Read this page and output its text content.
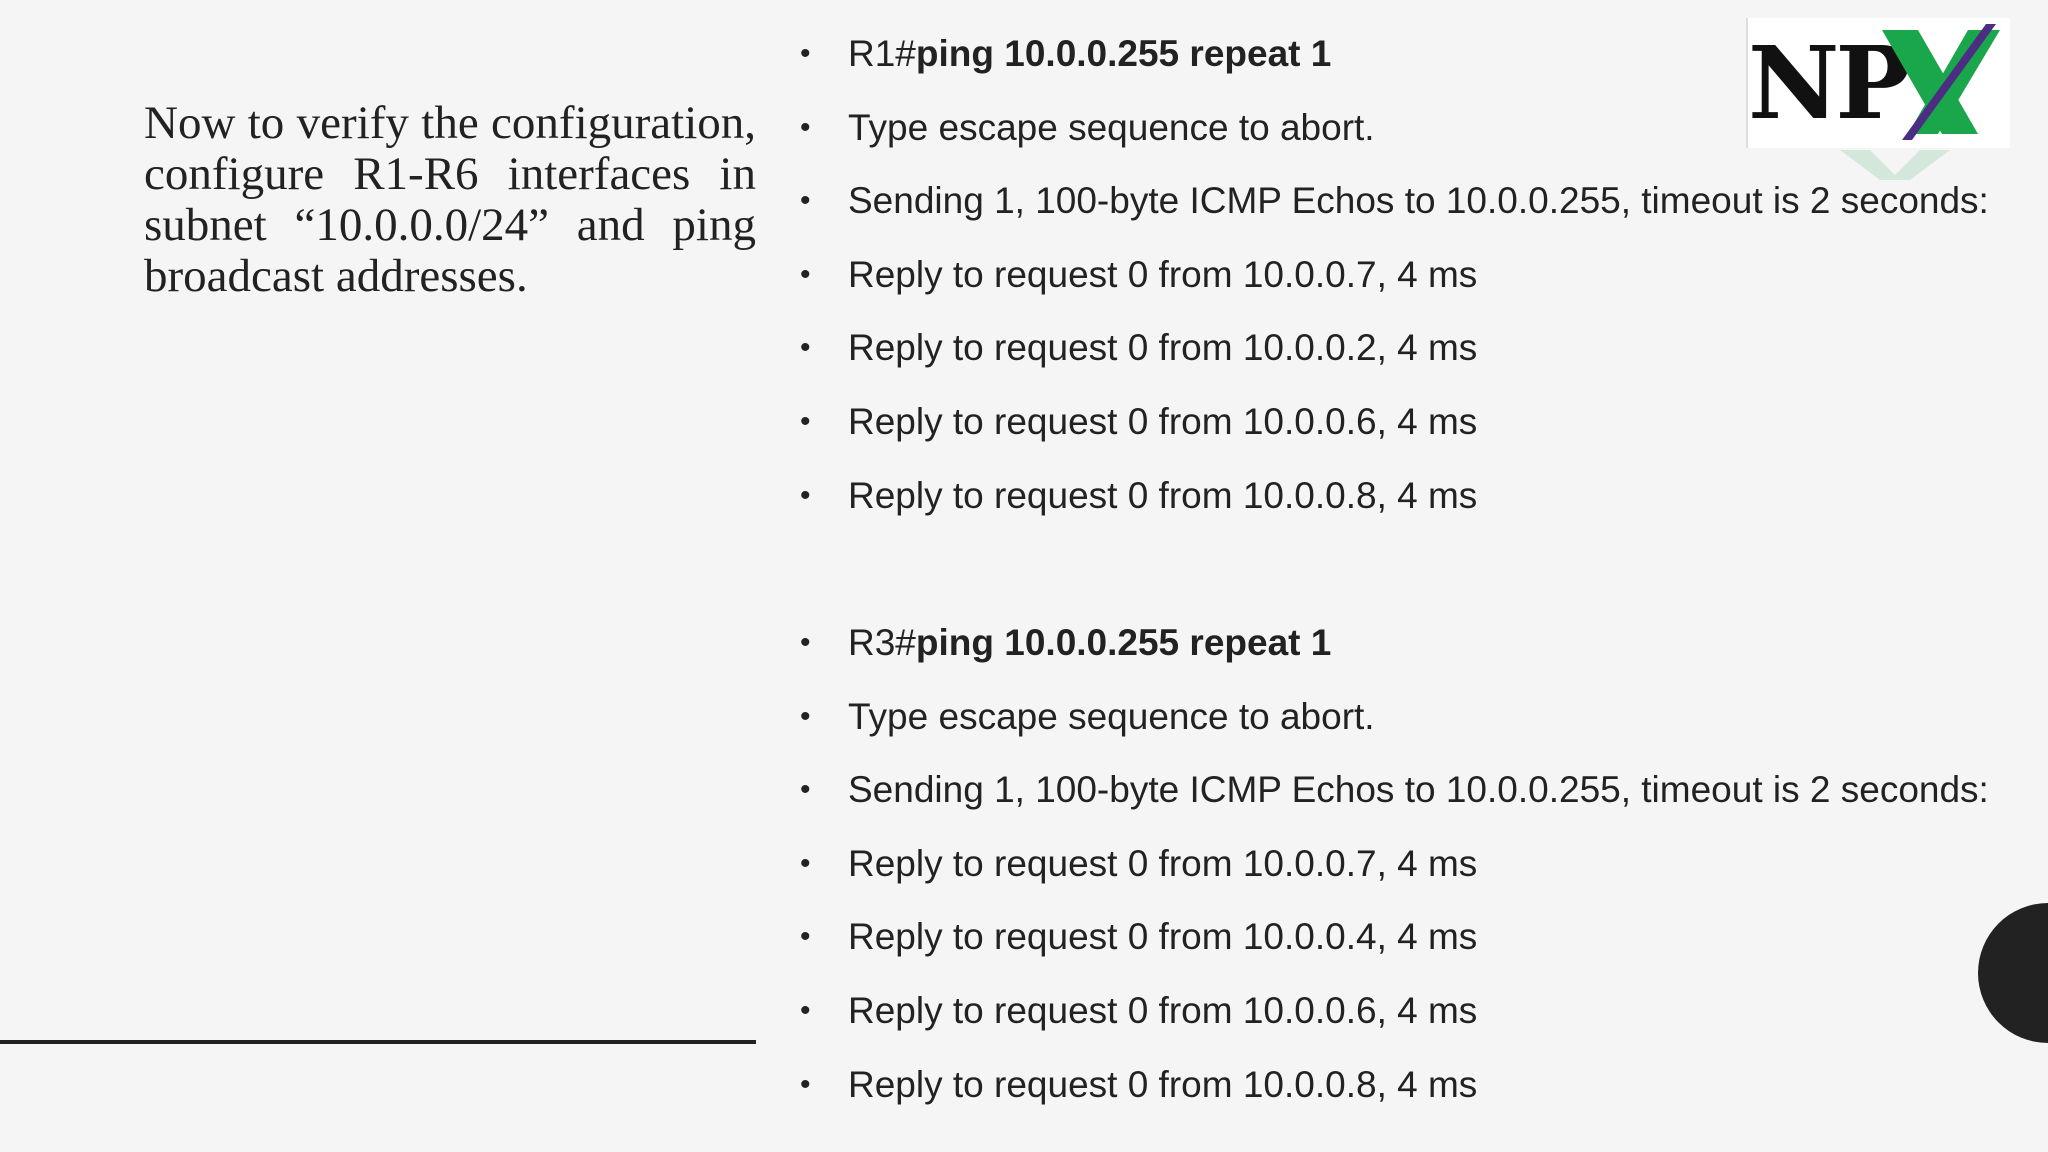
Now to verify the configuration, configure R1-R6 interfaces in subnet “10.0.0.0/24” and ping broadcast addresses.
• R1#ping 10.0.0.255 repeat 1
• Type escape sequence to abort.
• Sending 1, 100-byte ICMP Echos to 10.0.0.255, timeout is 2 seconds:
• Reply to request 0 from 10.0.0.7, 4 ms
• Reply to request 0 from 10.0.0.2, 4 ms
• Reply to request 0 from 10.0.0.6, 4 ms
• Reply to request 0 from 10.0.0.8, 4 ms
• R3#ping 10.0.0.255 repeat 1
• Type escape sequence to abort.
• Sending 1, 100-byte ICMP Echos to 10.0.0.255, timeout is 2 seconds:
• Reply to request 0 from 10.0.0.7, 4 ms
• Reply to request 0 from 10.0.0.4, 4 ms
• Reply to request 0 from 10.0.0.6, 4 ms
• Reply to request 0 from 10.0.0.8, 4 ms
NP
